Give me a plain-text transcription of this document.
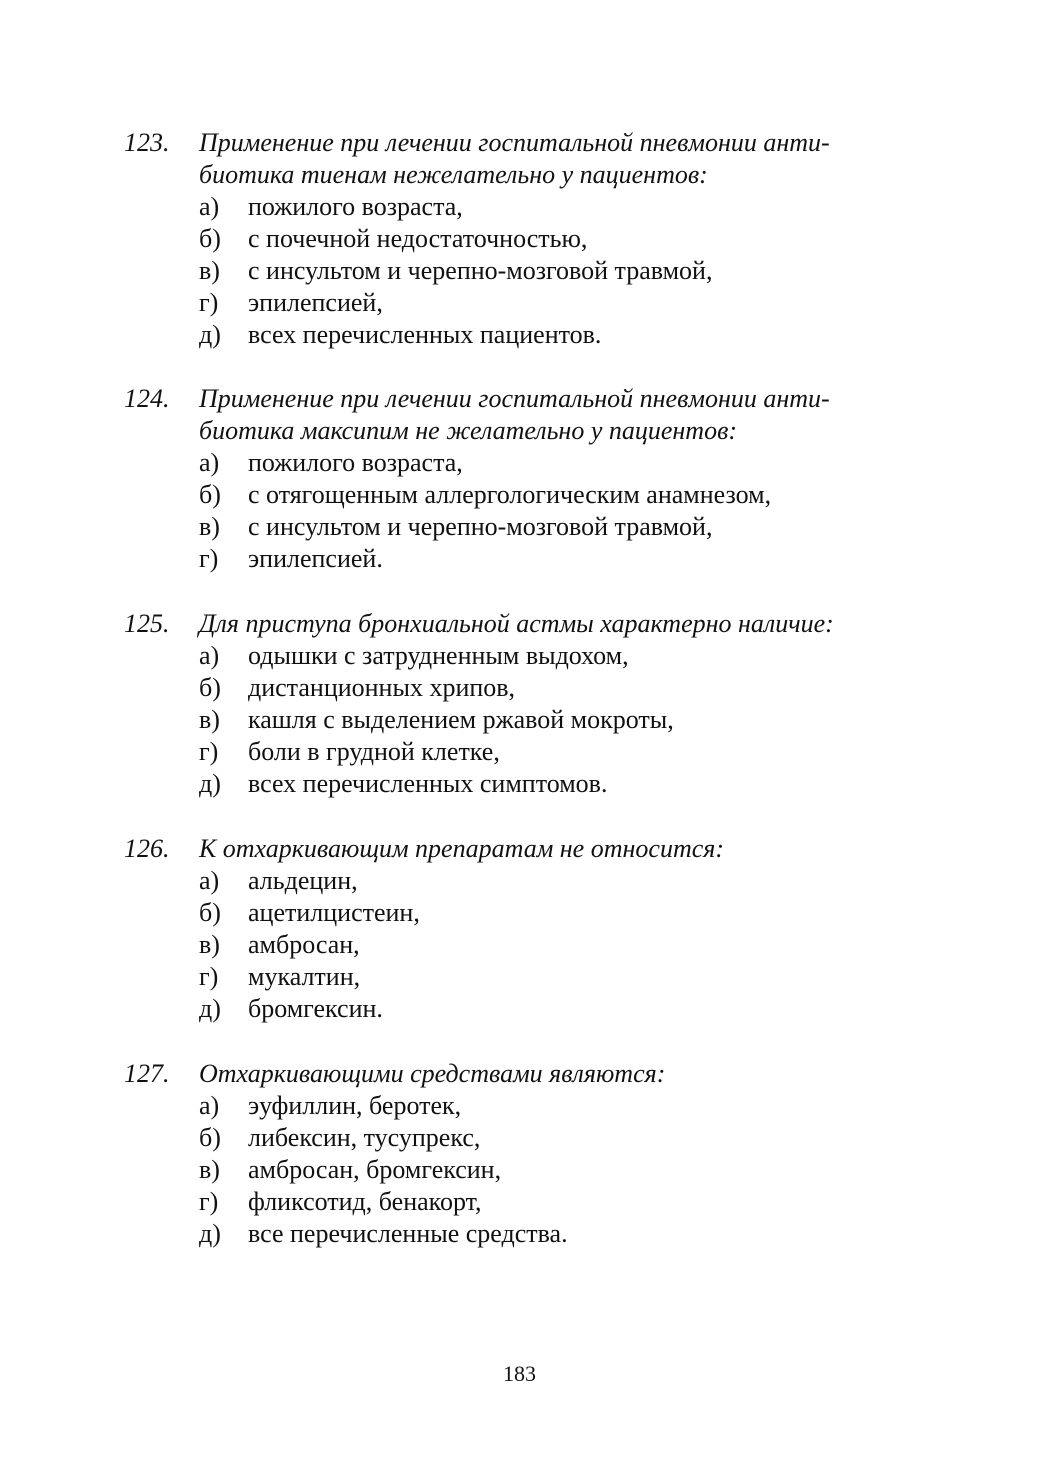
123. Применение при лечении госпитальной пневмонии анти-
биотика тиенам нежелательно у пациентов:
а) пожилого возраста,
б) с почечной недостаточностью,
в) с инсультом и черепно-мозговой травмой,
г) эпилепсией,
д) всех перечисленных пациентов.
124. Применение при лечении госпитальной пневмонии анти-
биотика максипим не желательно у пациентов:
а) пожилого возраста,
б) с отягощенным аллергологическим анамнезом,
в) с инсультом и черепно-мозговой травмой,
г) эпилепсией.
125. Для приступа бронхиальной астмы характерно наличие:
а) одышки с затрудненным выдохом,
б) дистанционных хрипов,
в) кашля с выделением ржавой мокроты,
г) боли в грудной клетке,
д) всех перечисленных симптомов.
126. К отхаркивающим препаратам не относится:
а) альдецин,
б) ацетилцистеин,
в) амбросан,
г) мукалтин,
д) бромгексин.
127. Отхаркивающими средствами являются:
а) эуфиллин, беротек,
б) либексин, тусупрекс,
в) амбросан, бромгексин,
г) фликсотид, бенакорт,
д) все перечисленные средства.
183
